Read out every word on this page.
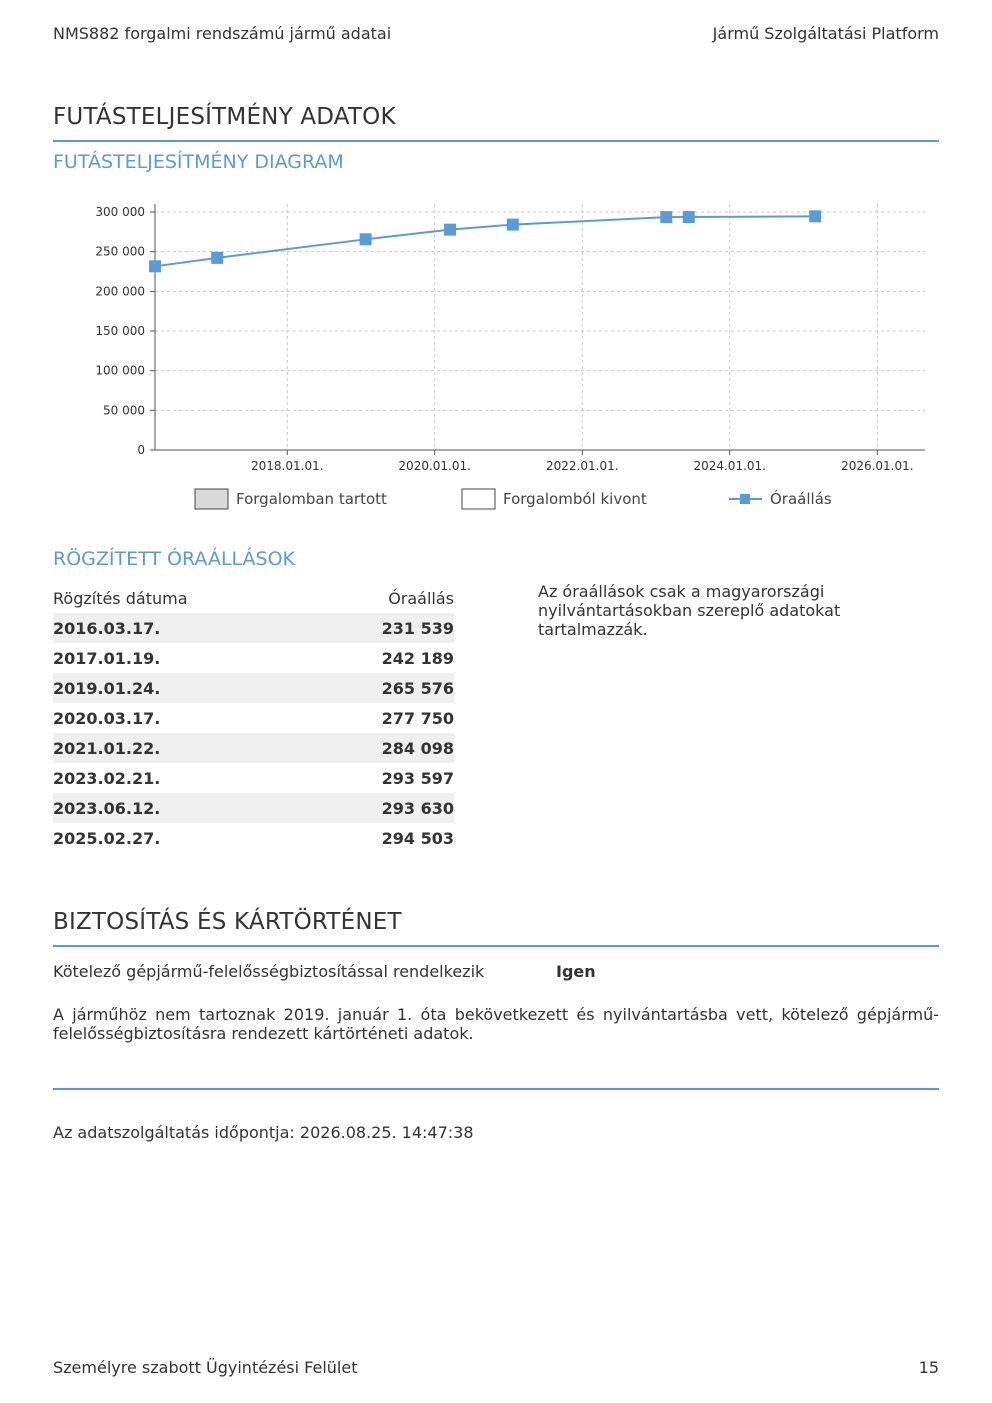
NMS882 forgalmi rendszámú jármű adatai	Jármű Szolgáltatási Platform
FUTÁSTELJESÍTMÉNY ADATOK
FUTÁSTELJESÍTMÉNY DIAGRAM
0
50 000
100 000
150 000
200 000
250 000
300 000
2018.01.01.	2020.01.01.	2022.01.01.	2024.01.01.	2026.01.01.
Forgalomban tartott	Forgalomból kivont	Óraállás
RÖGZÍTETT ÓRAÁLLÁSOK
Rögzítés dátuma	Óraállás
2016.03.17.	231 539
2017.01.19.	242 189
2019.01.24.	265 576
2020.03.17.	277 750
2021.01.22.	284 098
2023.02.21.	293 597
2023.06.12.	293 630
2025.02.27.	294 503
Az óraállások csak a magyarországi nyilvántartásokban szereplő adatokat tartalmazzák.
BIZTOSÍTÁS ÉS KÁRTÖRTÉNET
Kötelező gépjármű-felelősségbiztosítással rendelkezik	Igen
A járműhöz nem tartoznak 2019. január 1. óta bekövetkezett és nyilvántartásba vett, kötelező gépjármű-felelősségbiztosításra rendezett kártörténeti adatok.
Az adatszolgáltatás időpontja: 2026.08.25. 14:47:38
Személyre szabott Ügyintézési Felület	15
